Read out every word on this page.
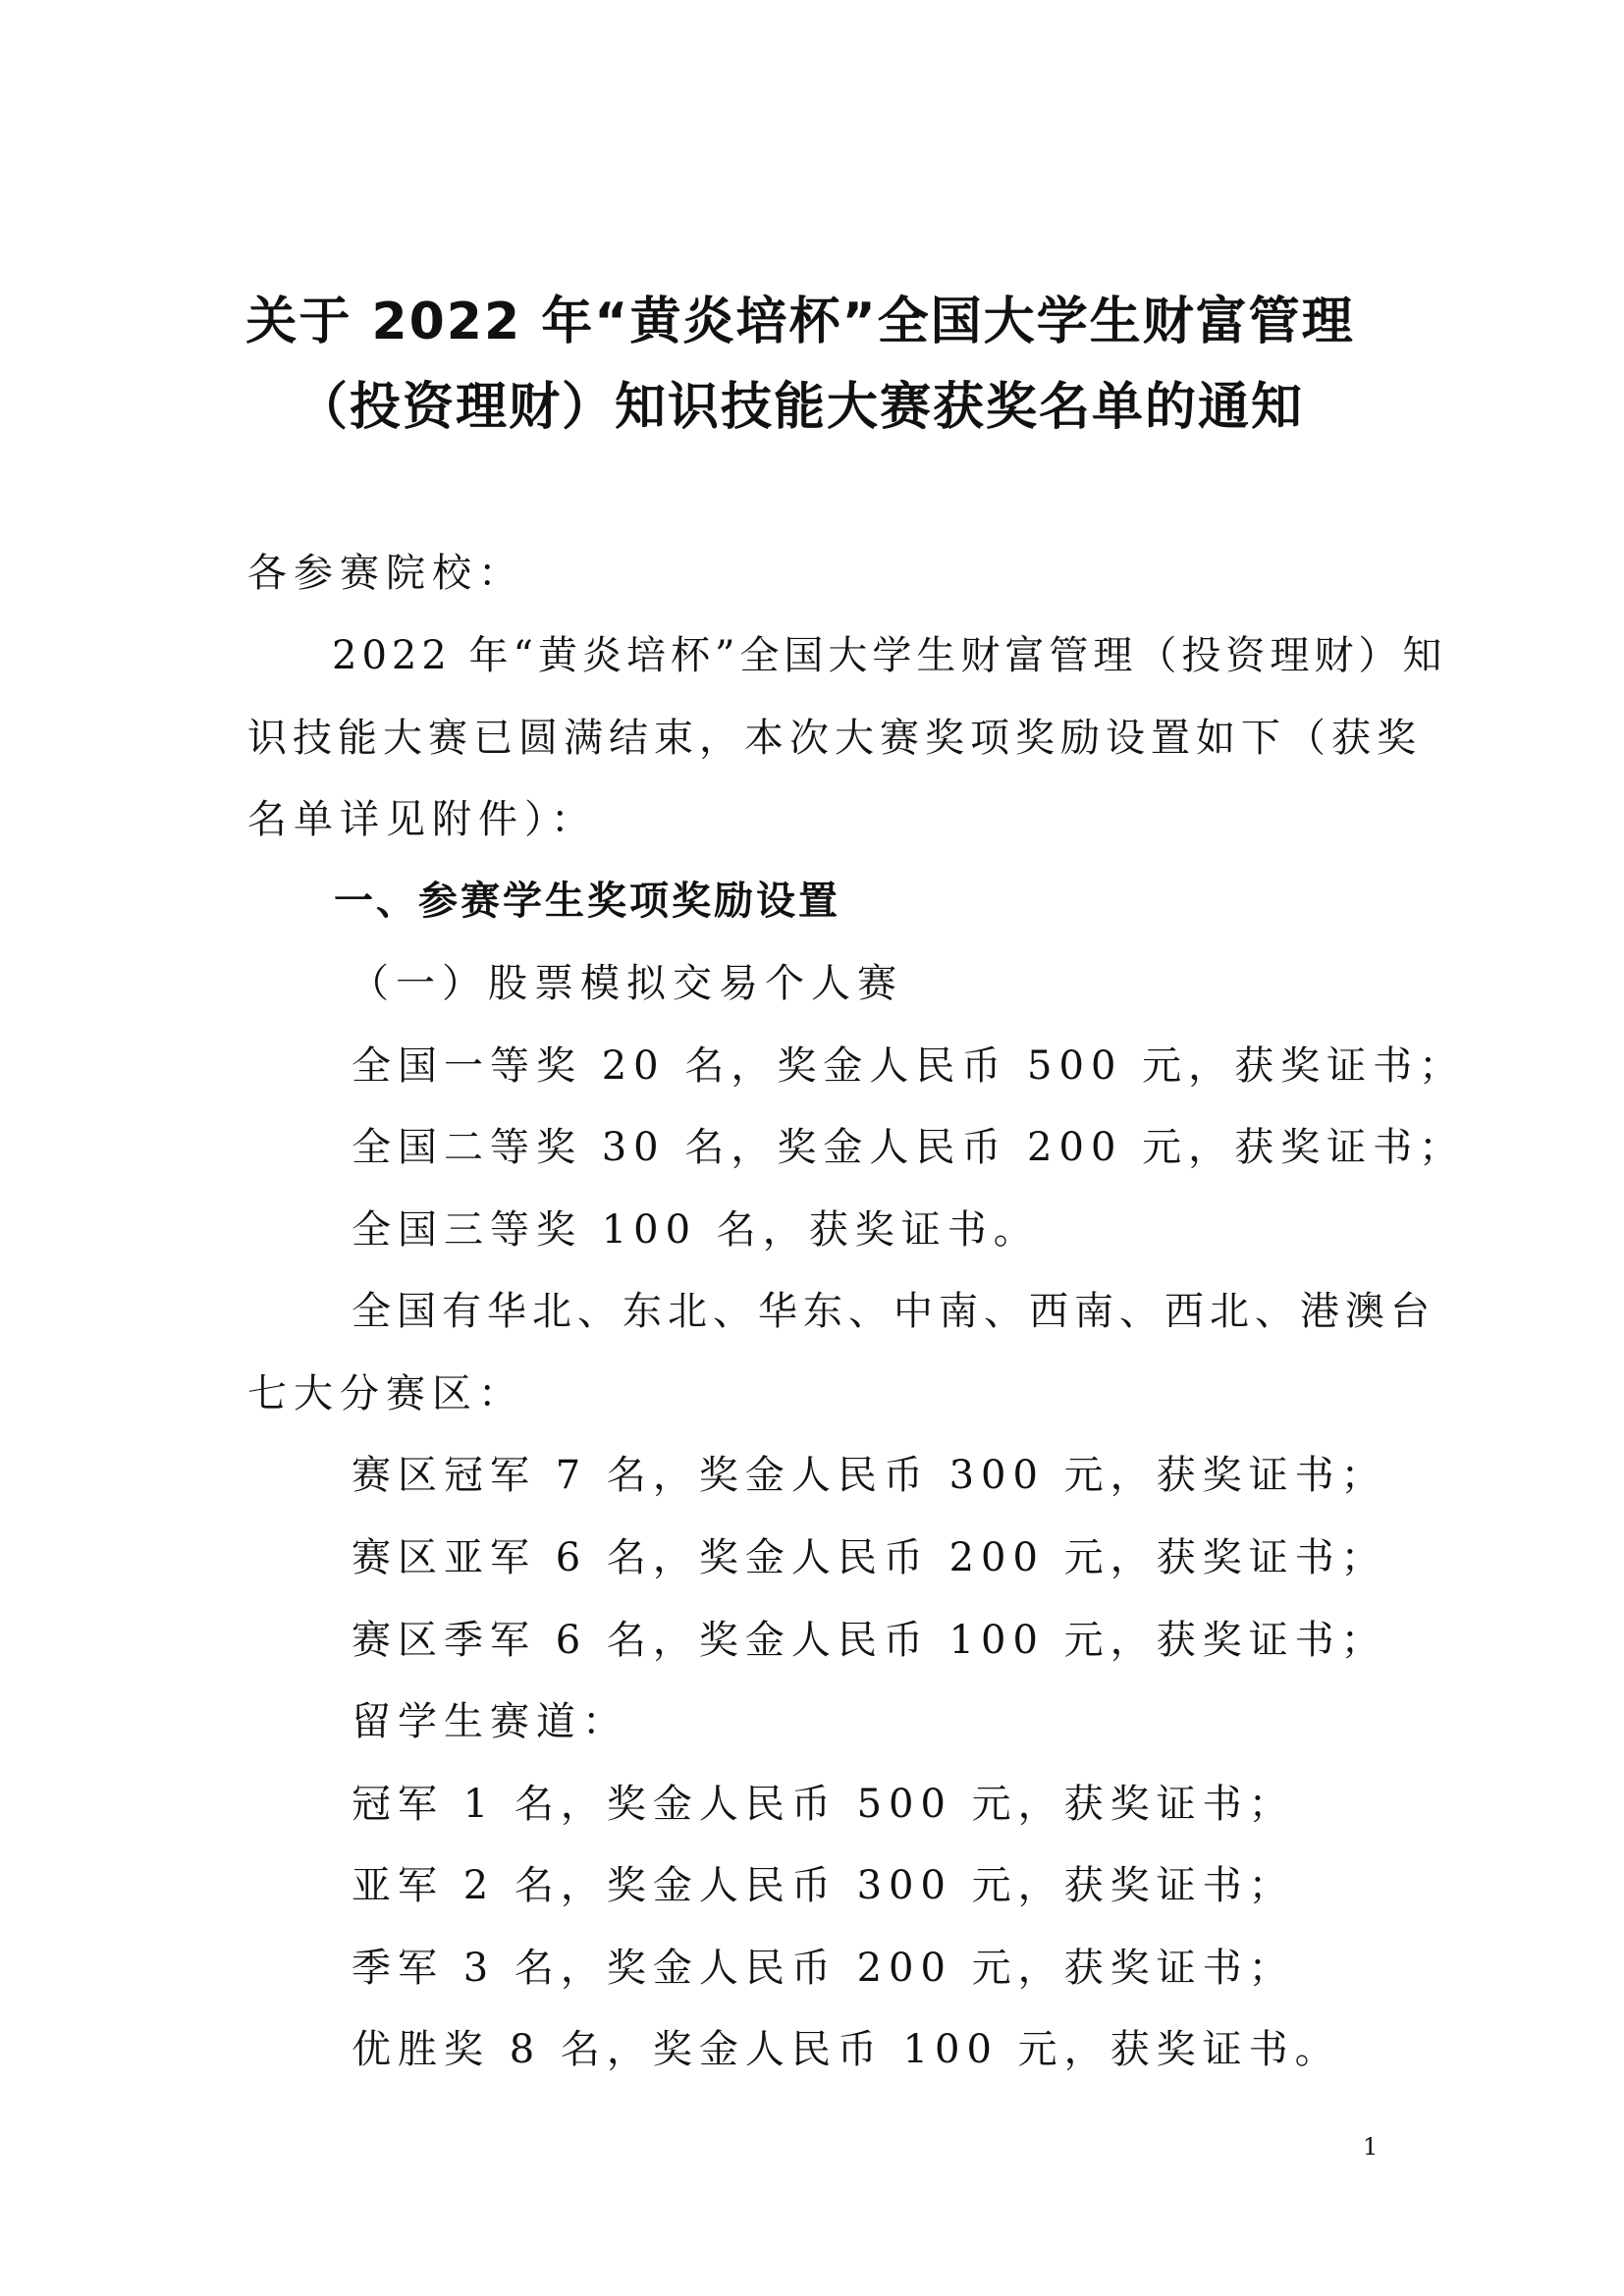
关于 2022 年“黄炎培杯”全国大学生财富管理
（投资理财）知识技能大赛获奖名单的通知
各参赛院校：
2022 年“黄炎培杯”全国大学生财富管理（投资理财）知
识技能大赛已圆满结束，本次大赛奖项奖励设置如下（获奖
名单详见附件）：
一、参赛学生奖项奖励设置
（一）股票模拟交易个人赛
全国一等奖 20 名，奖金人民币 500 元，获奖证书；
全国二等奖 30 名，奖金人民币 200 元，获奖证书；
全国三等奖 100 名，获奖证书。
全国有华北、东北、华东、中南、西南、西北、港澳台
七大分赛区：
赛区冠军 7 名，奖金人民币 300 元，获奖证书；
赛区亚军 6 名，奖金人民币 200 元，获奖证书；
赛区季军 6 名，奖金人民币 100 元，获奖证书；
留学生赛道：
冠军 1 名，奖金人民币 500 元，获奖证书；
亚军 2 名，奖金人民币 300 元，获奖证书；
季军 3 名，奖金人民币 200 元，获奖证书；
优胜奖 8 名，奖金人民币 100 元，获奖证书。
1
